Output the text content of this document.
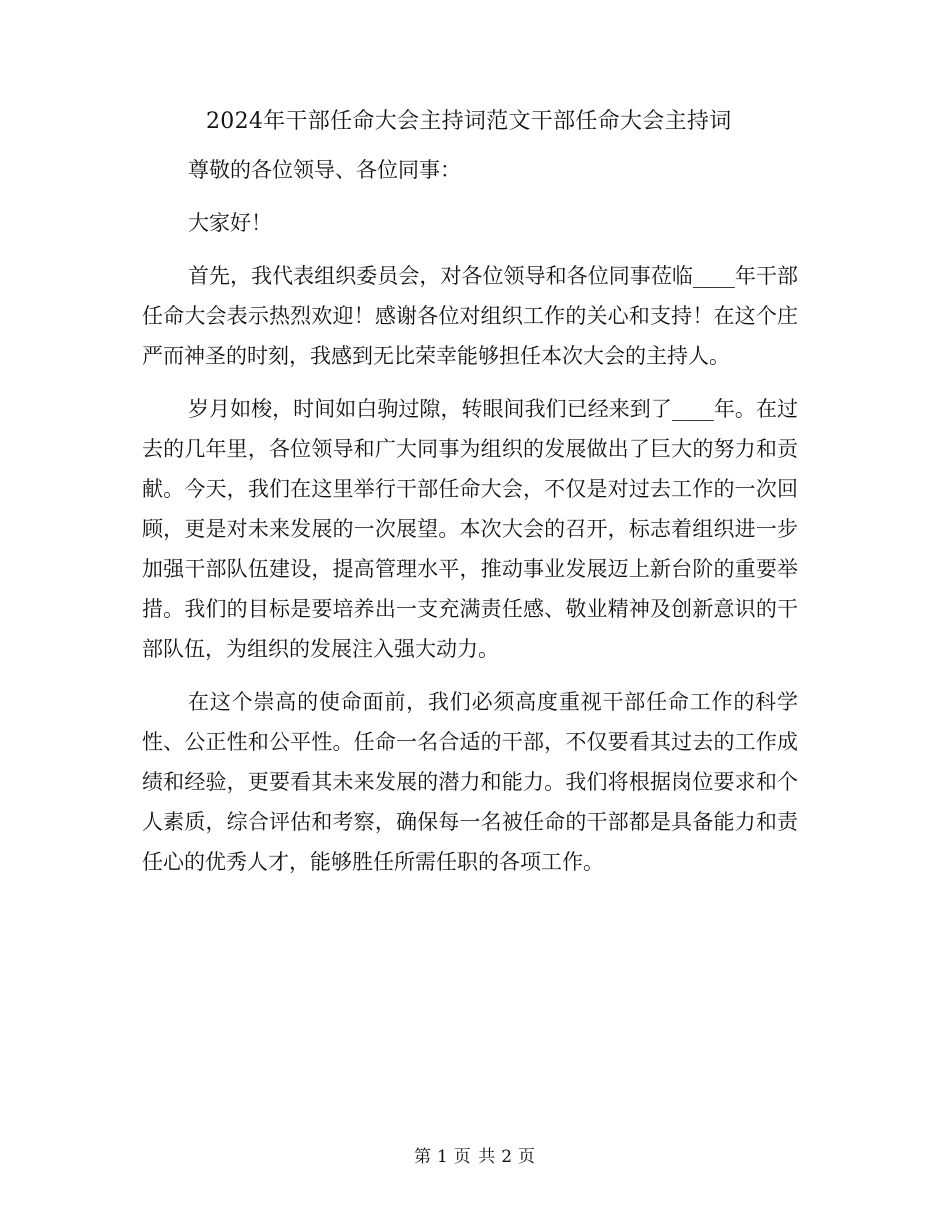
2024年干部任命大会主持词范文干部任命大会主持词

尊敬的各位领导、各位同事：

大家好！

首先，我代表组织委员会，对各位领导和各位同事莅临____年干部任命大会表示热烈欢迎！感谢各位对组织工作的关心和支持！在这个庄严而神圣的时刻，我感到无比荣幸能够担任本次大会的主持人。

岁月如梭，时间如白驹过隙，转眼间我们已经来到了____年。在过去的几年里，各位领导和广大同事为组织的发展做出了巨大的努力和贡献。今天，我们在这里举行干部任命大会，不仅是对过去工作的一次回顾，更是对未来发展的一次展望。本次大会的召开，标志着组织进一步加强干部队伍建设，提高管理水平，推动事业发展迈上新台阶的重要举措。我们的目标是要培养出一支充满责任感、敬业精神及创新意识的干部队伍，为组织的发展注入强大动力。

在这个崇高的使命面前，我们必须高度重视干部任命工作的科学性、公正性和公平性。任命一名合适的干部，不仅要看其过去的工作成绩和经验，更要看其未来发展的潜力和能力。我们将根据岗位要求和个人素质，综合评估和考察，确保每一名被任命的干部都是具备能力和责任心的优秀人才，能够胜任所需任职的各项工作。

第 1 页 共 2 页
